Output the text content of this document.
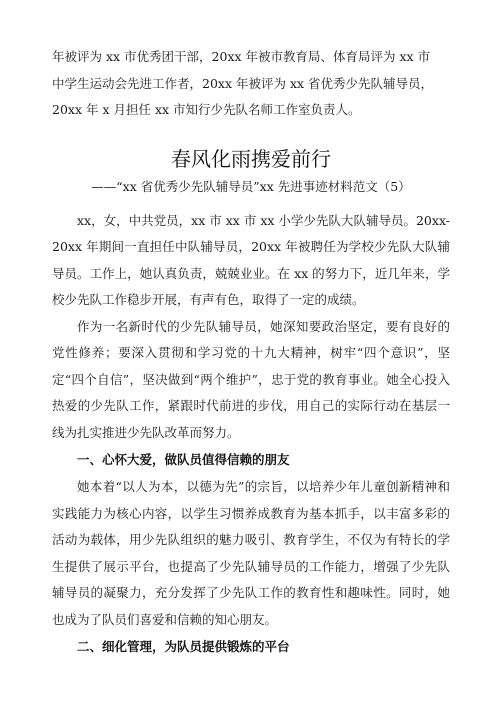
年被评为 xx 市优秀团干部，20xx 年被市教育局、体育局评为 xx 市

中学生运动会先进工作者，20xx 年被评为 xx 省优秀少先队辅导员，

20xx 年 x 月担任 xx 市知行少先队名师工作室负责人。

春风化雨携爱前行

——“xx 省优秀少先队辅导员”xx 先进事迹材料范文（5）

xx，女，中共党员，xx 市 xx 市 xx 小学少先队大队辅导员。20xx-20xx 年期间一直担任中队辅导员，20xx 年被聘任为学校少先队大队辅导员。工作上，她认真负责，兢兢业业。在 xx 的努力下，近几年来，学校少先队工作稳步开展，有声有色，取得了一定的成绩。

作为一名新时代的少先队辅导员，她深知要政治坚定，要有良好的党性修养；要深入贯彻和学习党的十九大精神，树牢“四个意识”，坚定“四个自信”，坚决做到“两个维护”，忠于党的教育事业。她全心投入热爱的少先队工作，紧跟时代前进的步伐，用自己的实际行动在基层一线为扎实推进少先队改革而努力。

一、心怀大爱，做队员值得信赖的朋友

她本着“以人为本，以德为先”的宗旨，以培养少年儿童创新精神和实践能力为核心内容，以学生习惯养成教育为基本抓手，以丰富多彩的活动为载体，用少先队组织的魅力吸引、教育学生，不仅为有特长的学生提供了展示平台，也提高了少先队辅导员的工作能力，增强了少先队辅导员的凝聚力，充分发挥了少先队工作的教育性和趣味性。同时，她也成为了队员们喜爱和信赖的知心朋友。

二、细化管理，为队员提供锻炼的平台
